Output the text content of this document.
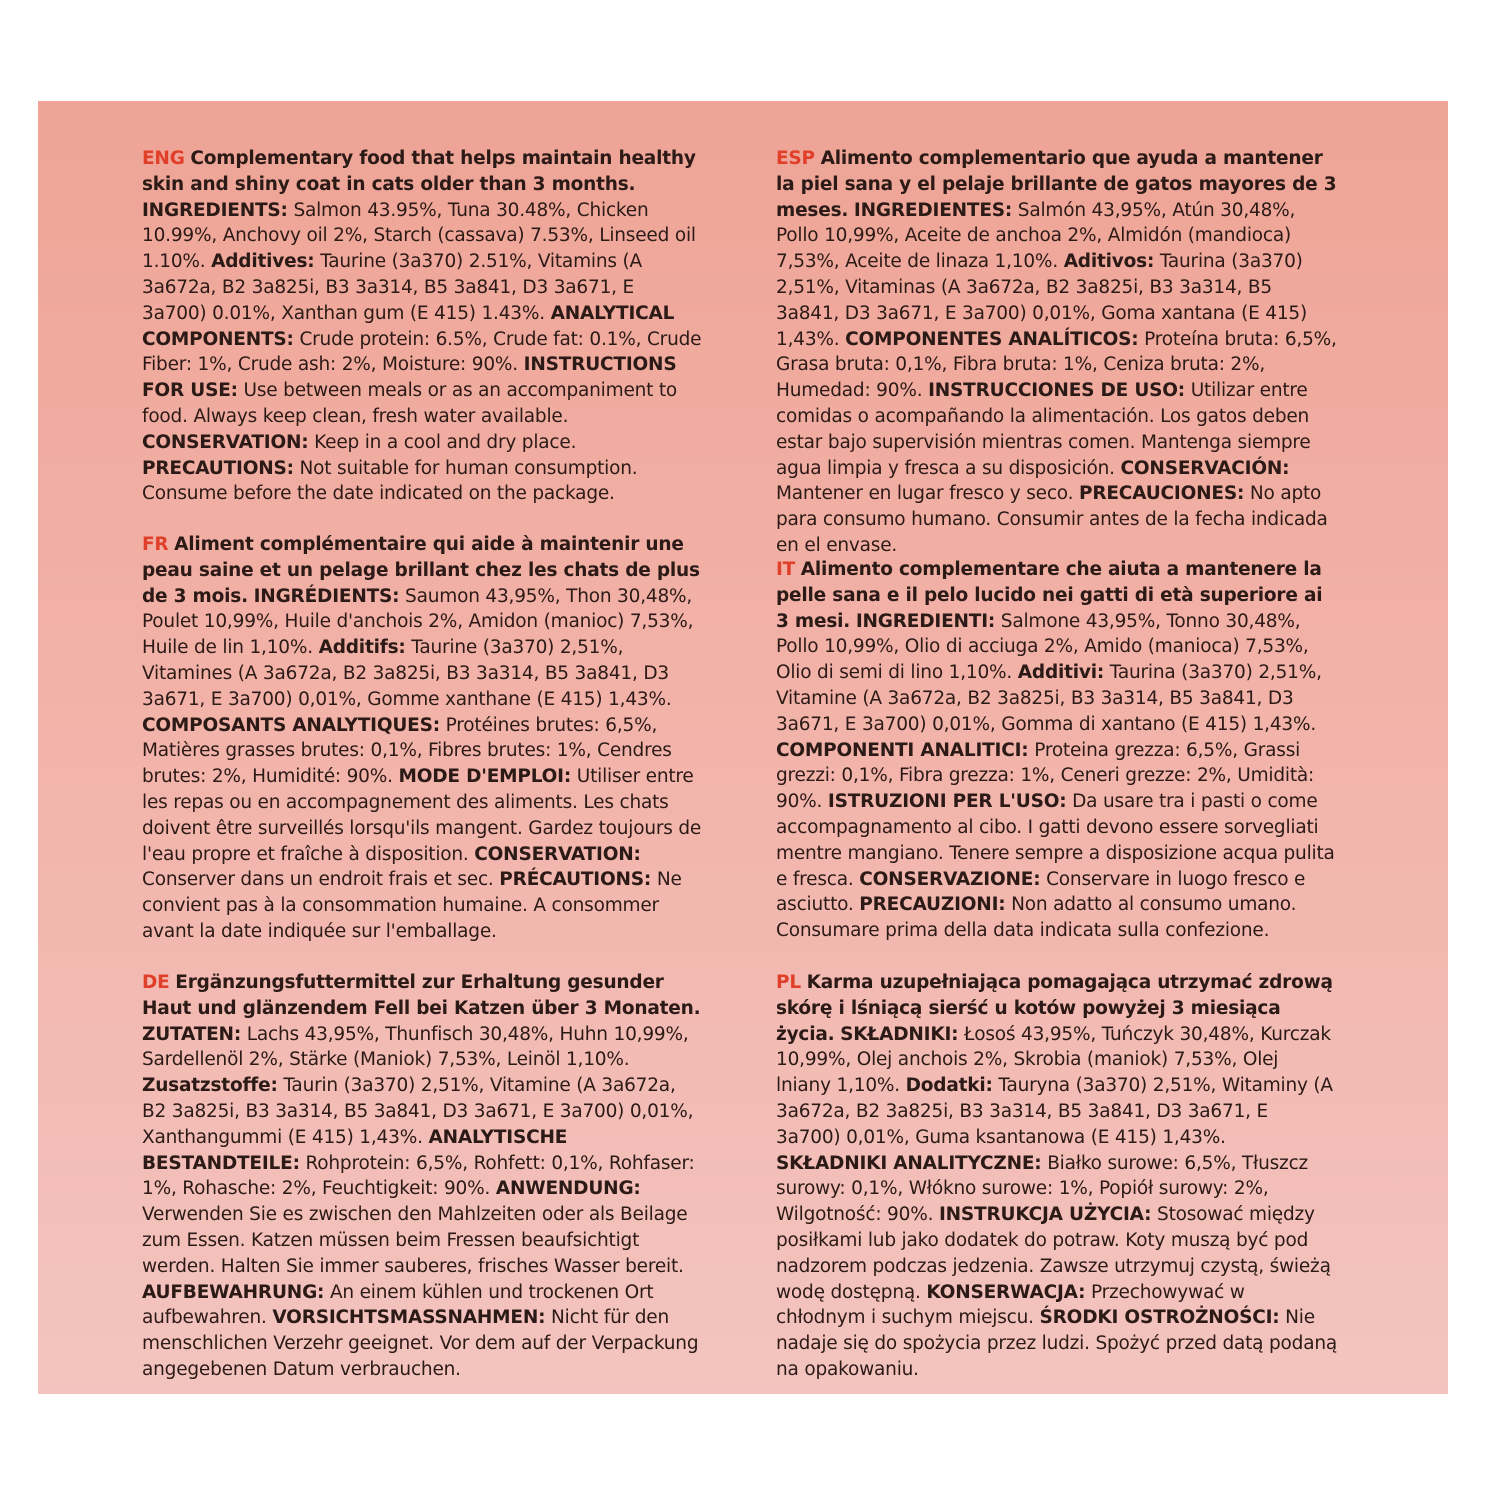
ENG Complementary food that helps maintain healthy skin and shiny coat in cats older than 3 months. INGREDIENTS: Salmon 43.95%, Tuna 30.48%, Chicken 10.99%, Anchovy oil 2%, Starch (cassava) 7.53%, Linseed oil 1.10%. Additives: Taurine (3a370) 2.51%, Vitamins (A 3a672a, B2 3a825i, B3 3a314, B5 3a841, D3 3a671, E 3a700) 0.01%, Xanthan gum (E 415) 1.43%. ANALYTICAL COMPONENTS: Crude protein: 6.5%, Crude fat: 0.1%, Crude Fiber: 1%, Crude ash: 2%, Moisture: 90%. INSTRUCTIONS FOR USE: Use between meals or as an accompaniment to food. Always keep clean, fresh water available. CONSERVATION: Keep in a cool and dry place. PRECAUTIONS: Not suitable for human consumption. Consume before the date indicated on the package.
FR Aliment complémentaire qui aide à maintenir une peau saine et un pelage brillant chez les chats de plus de 3 mois. INGRÉDIENTS: Saumon 43,95%, Thon 30,48%, Poulet 10,99%, Huile d'anchois 2%, Amidon (manioc) 7,53%, Huile de lin 1,10%. Additifs: Taurine (3a370) 2,51%, Vitamines (A 3a672a, B2 3a825i, B3 3a314, B5 3a841, D3 3a671, E 3a700) 0,01%, Gomme xanthane (E 415) 1,43%. COMPOSANTS ANALYTIQUES: Protéines brutes: 6,5%, Matières grasses brutes: 0,1%, Fibres brutes: 1%, Cendres brutes: 2%, Humidité: 90%. MODE D'EMPLOI: Utiliser entre les repas ou en accompagnement des aliments. Les chats doivent être surveillés lorsqu'ils mangent. Gardez toujours de l'eau propre et fraîche à disposition. CONSERVATION: Conserver dans un endroit frais et sec. PRÉCAUTIONS: Ne convient pas à la consommation humaine. A consommer avant la date indiquée sur l'emballage.
DE Ergänzungsfuttermittel zur Erhaltung gesunder Haut und glänzendem Fell bei Katzen über 3 Monaten. ZUTATEN: Lachs 43,95%, Thunfisch 30,48%, Huhn 10,99%, Sardellenöl 2%, Stärke (Maniok) 7,53%, Leinöl 1,10%. Zusatzstoffe: Taurin (3a370) 2,51%, Vitamine (A 3a672a, B2 3a825i, B3 3a314, B5 3a841, D3 3a671, E 3a700) 0,01%, Xanthangummi (E 415) 1,43%. ANALYTISCHE BESTANDTEILE: Rohprotein: 6,5%, Rohfett: 0,1%, Rohfaser: 1%, Rohasche: 2%, Feuchtigkeit: 90%. ANWENDUNG: Verwenden Sie es zwischen den Mahlzeiten oder als Beilage zum Essen. Katzen müssen beim Fressen beaufsichtigt werden. Halten Sie immer sauberes, frisches Wasser bereit. AUFBEWAHRUNG: An einem kühlen und trockenen Ort aufbewahren. VORSICHTSMASSNAHMEN: Nicht für den menschlichen Verzehr geeignet. Vor dem auf der Verpackung angegebenen Datum verbrauchen.
ESP Alimento complementario que ayuda a mantener la piel sana y el pelaje brillante de gatos mayores de 3 meses. INGREDIENTES: Salmón 43,95%, Atún 30,48%, Pollo 10,99%, Aceite de anchoa 2%, Almidón (mandioca) 7,53%, Aceite de linaza 1,10%. Aditivos: Taurina (3a370) 2,51%, Vitaminas (A 3a672a, B2 3a825i, B3 3a314, B5 3a841, D3 3a671, E 3a700) 0,01%, Goma xantana (E 415) 1,43%. COMPONENTES ANALÍTICOS: Proteína bruta: 6,5%, Grasa bruta: 0,1%, Fibra bruta: 1%, Ceniza bruta: 2%, Humedad: 90%. INSTRUCCIONES DE USO: Utilizar entre comidas o acompañando la alimentación. Los gatos deben estar bajo supervisión mientras comen. Mantenga siempre agua limpia y fresca a su disposición. CONSERVACIÓN: Mantener en lugar fresco y seco. PRECAUCIONES: No apto para consumo humano. Consumir antes de la fecha indicada en el envase.
IT Alimento complementare che aiuta a mantenere la pelle sana e il pelo lucido nei gatti di età superiore ai 3 mesi. INGREDIENTI: Salmone 43,95%, Tonno 30,48%, Pollo 10,99%, Olio di acciuga 2%, Amido (manioca) 7,53%, Olio di semi di lino 1,10%. Additivi: Taurina (3a370) 2,51%, Vitamine (A 3a672a, B2 3a825i, B3 3a314, B5 3a841, D3 3a671, E 3a700) 0,01%, Gomma di xantano (E 415) 1,43%. COMPONENTI ANALITICI: Proteina grezza: 6,5%, Grassi grezzi: 0,1%, Fibra grezza: 1%, Ceneri grezze: 2%, Umidità: 90%. ISTRUZIONI PER L'USO: Da usare tra i pasti o come accompagnamento al cibo. I gatti devono essere sorvegliati mentre mangiano. Tenere sempre a disposizione acqua pulita e fresca. CONSERVAZIONE: Conservare in luogo fresco e asciutto. PRECAUZIONI: Non adatto al consumo umano. Consumare prima della data indicata sulla confezione.
PL Karma uzupełniająca pomagająca utrzymać zdrową skórę i lśniącą sierść u kotów powyżej 3 miesiąca życia. SKŁADNIKI: Łosoś 43,95%, Tuńczyk 30,48%, Kurczak 10,99%, Olej anchois 2%, Skrobia (maniok) 7,53%, Olej lniany 1,10%. Dodatki: Tauryna (3a370) 2,51%, Witaminy (A 3a672a, B2 3a825i, B3 3a314, B5 3a841, D3 3a671, E 3a700) 0,01%, Guma ksantanowa (E 415) 1,43%. SKŁADNIKI ANALITYCZNE: Białko surowe: 6,5%, Tłuszcz surowy: 0,1%, Włókno surowe: 1%, Popiół surowy: 2%, Wilgotność: 90%. INSTRUKCJA UŻYCIA: Stosować między posiłkami lub jako dodatek do potraw. Koty muszą być pod nadzorem podczas jedzenia. Zawsze utrzymuj czystą, świeżą wodę dostępną. KONSERWACJA: Przechowywać w chłodnym i suchym miejscu. ŚRODKI OSTROŻNOŚCI: Nie nadaje się do spożycia przez ludzi. Spożyć przed datą podaną na opakowaniu.
